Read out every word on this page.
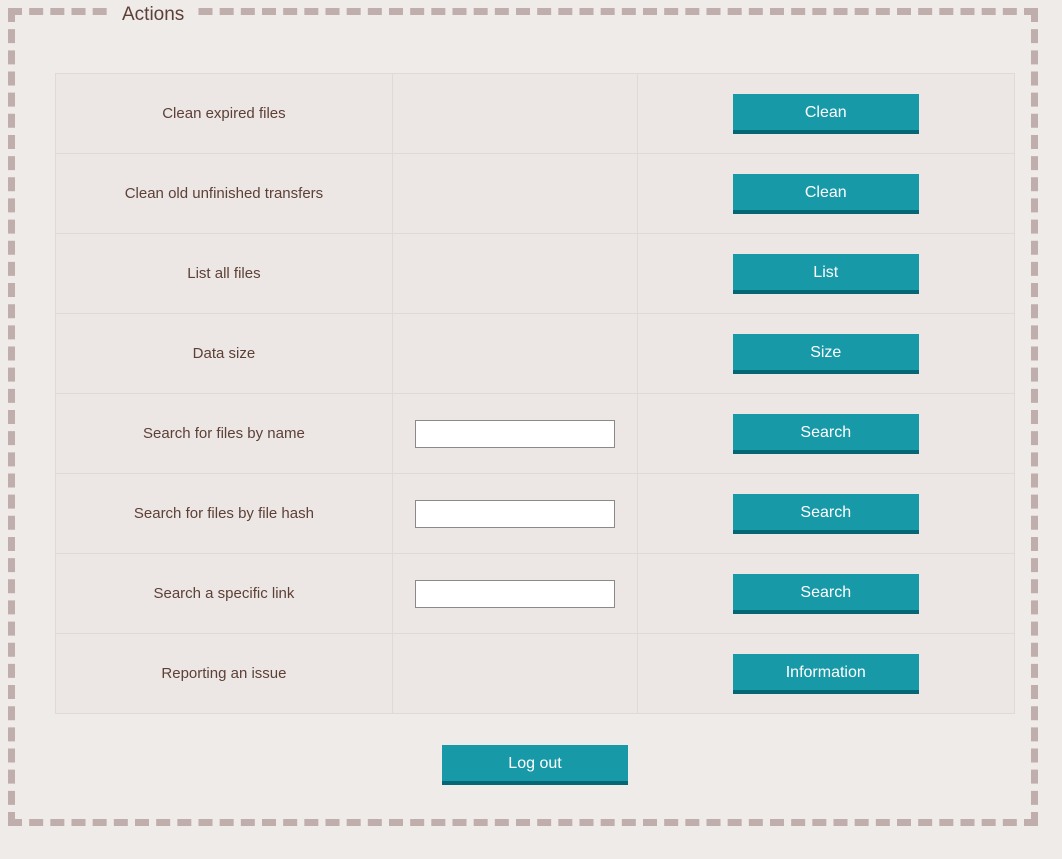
Actions
Clean expired files		Clean
Clean old unfinished transfers		Clean
List all files		List
Data size		Size
Search for files by name		Search
Search for files by file hash		Search
Search a specific link		Search
Reporting an issue		Information
Log out
